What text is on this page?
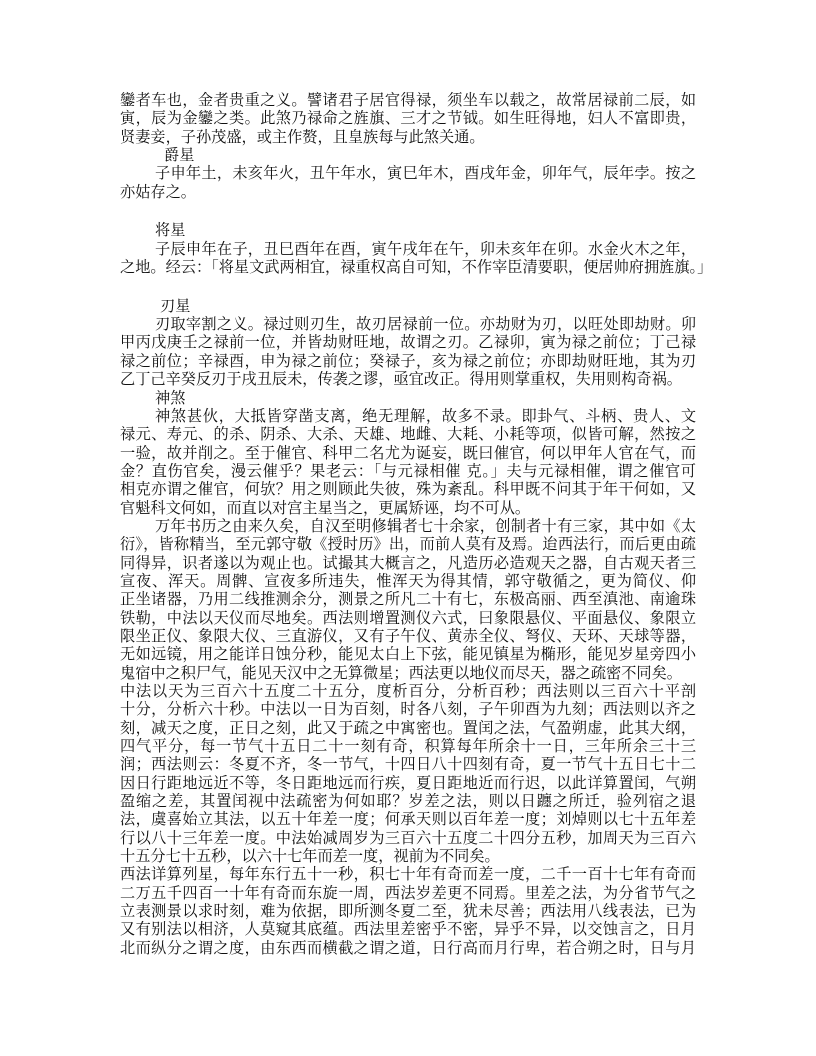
鑾者车也，金者贵重之义。譬诸君子居官得禄，须坐车以载之，故常居禄前二辰，如
寅，辰为金鑾之类。此煞乃禄命之旌旗、三才之节钺。如生旺得地，妇人不富即贵，
贤妻妾，子孙茂盛，或主作赘，且皇族每与此煞关通。
爵星
子申年土，未亥年火，丑午年水，寅巳年木，酉戌年金，卯年气，辰年孛。按之
亦姑存之。
将星
子辰申年在子，丑巳酉年在酉，寅午戌年在午，卯未亥年在卯。水金火木之年，
之地。经云：「将星文武两相宜，禄重权高自可知，不作宰臣清要职，便居帅府拥旌旗。」
刃星
刃取宰割之义。禄过则刃生，故刃居禄前一位。亦劫财为刃，以旺处即劫财。卯
甲丙戊庚壬之禄前一位，并皆劫财旺地，故谓之刃。乙禄卯，寅为禄之前位；丁己禄
禄之前位；辛禄酉，申为禄之前位；癸禄子，亥为禄之前位；亦即劫财旺地，其为刃
乙丁己辛癸反刃于戌丑辰未，传袭之谬，亟宜改正。得用则掌重权，失用则构奇祸。
神煞
神煞甚伙，大抵皆穿凿支离，绝无理解，故多不录。即卦气、斗柄、贵人、文
禄元、寿元、的杀、阴杀、大杀、天雄、地雌、大耗、小耗等项，似皆可解，然按之
一验，故并削之。至于催官、科甲二名尤为诞妄，既曰催官，何以甲年人官在气，而
金？直伤官矣，漫云催乎？果老云：「与元禄相催 克。」夫与元禄相催，谓之催官可
相克亦谓之催官，何欤？用之则顾此失彼，殊为紊乱。科甲既不问其于年干何如，又
官魁科文何如，而直以对宫主星当之，更属矫诬，均不可从。
万年书历之由来久矣，自汉至明修辑者七十余家，创制者十有三家，其中如《太
衍》，皆称精当，至元郭守敬《授时历》出，而前人莫有及焉。迨西法行，而后更由疏
同得异，识者遂以为观止也。试撮其大概言之，凡造历必造观天之器，自古观天者三
宣夜、浑天。周髀、宣夜多所违失，惟浑天为得其情，郭守敬循之，更为简仪、仰
正坐诸器，乃用二线推测余分，测景之所凡二十有七，东极高丽、西至滇池、南逾珠
铁勒，中法以天仪而尽地矣。西法则增置测仪六式，曰象限悬仪、平面悬仪、象限立
限坐正仪、象限大仪、三直游仪，又有子午仪、黄赤全仪、弩仪、天环、天球等器，
无如远镜，用之能详日蚀分秒，能见太白上下弦，能见镇星为椭形，能见岁星旁四小
鬼宿中之积尸气，能见天汉中之无算微星；西法更以地仪而尽天，器之疏密不同矣。
中法以天为三百六十五度二十五分，度析百分，分析百秒；西法则以三百六十平剖
十分，分析六十秒。中法以一日为百刻，时各八刻，子午卯酉为九刻；西法则以齐之
刻，减天之度，正日之刻，此又于疏之中寓密也。置闰之法，气盈朔虚，此其大纲，
四气平分，每一节气十五日二十一刻有奇，积算每年所余十一日，三年所余三十三
润；西法则云：冬夏不齐，冬一节气，十四日八十四刻有奇，夏一节气十五日七十二
因日行距地远近不等，冬日距地远而行疾，夏日距地近而行迟，以此详算置闰，气朔
盈缩之差，其置闰视中法疏密为何如耶？岁差之法，则以日躔之所迁，验列宿之退
法，虞喜始立其法，以五十年差一度；何承天则以百年差一度；刘焯则以七十五年差
行以八十三年差一度。中法始减周岁为三百六十五度二十四分五秒，加周天为三百六
十五分七十五秒，以六十七年而差一度，视前为不同矣。
西法详算列星，每年东行五十一秒，积七十年有奇而差一度，二千一百十七年有奇而
二万五千四百一十年有奇而东旋一周，西法岁差更不同焉。里差之法，为分省节气之
立表测景以求时刻，难为依据，即所测冬夏二至，犹未尽善；西法用八线表法，已为
又有别法以相济，人莫窥其底蕴。西法里差密乎不密，异乎不异，以交蚀言之，日月
北而纵分之谓之度，由东西而横截之谓之道，日行高而月行卑，若合朔之时，日与月
